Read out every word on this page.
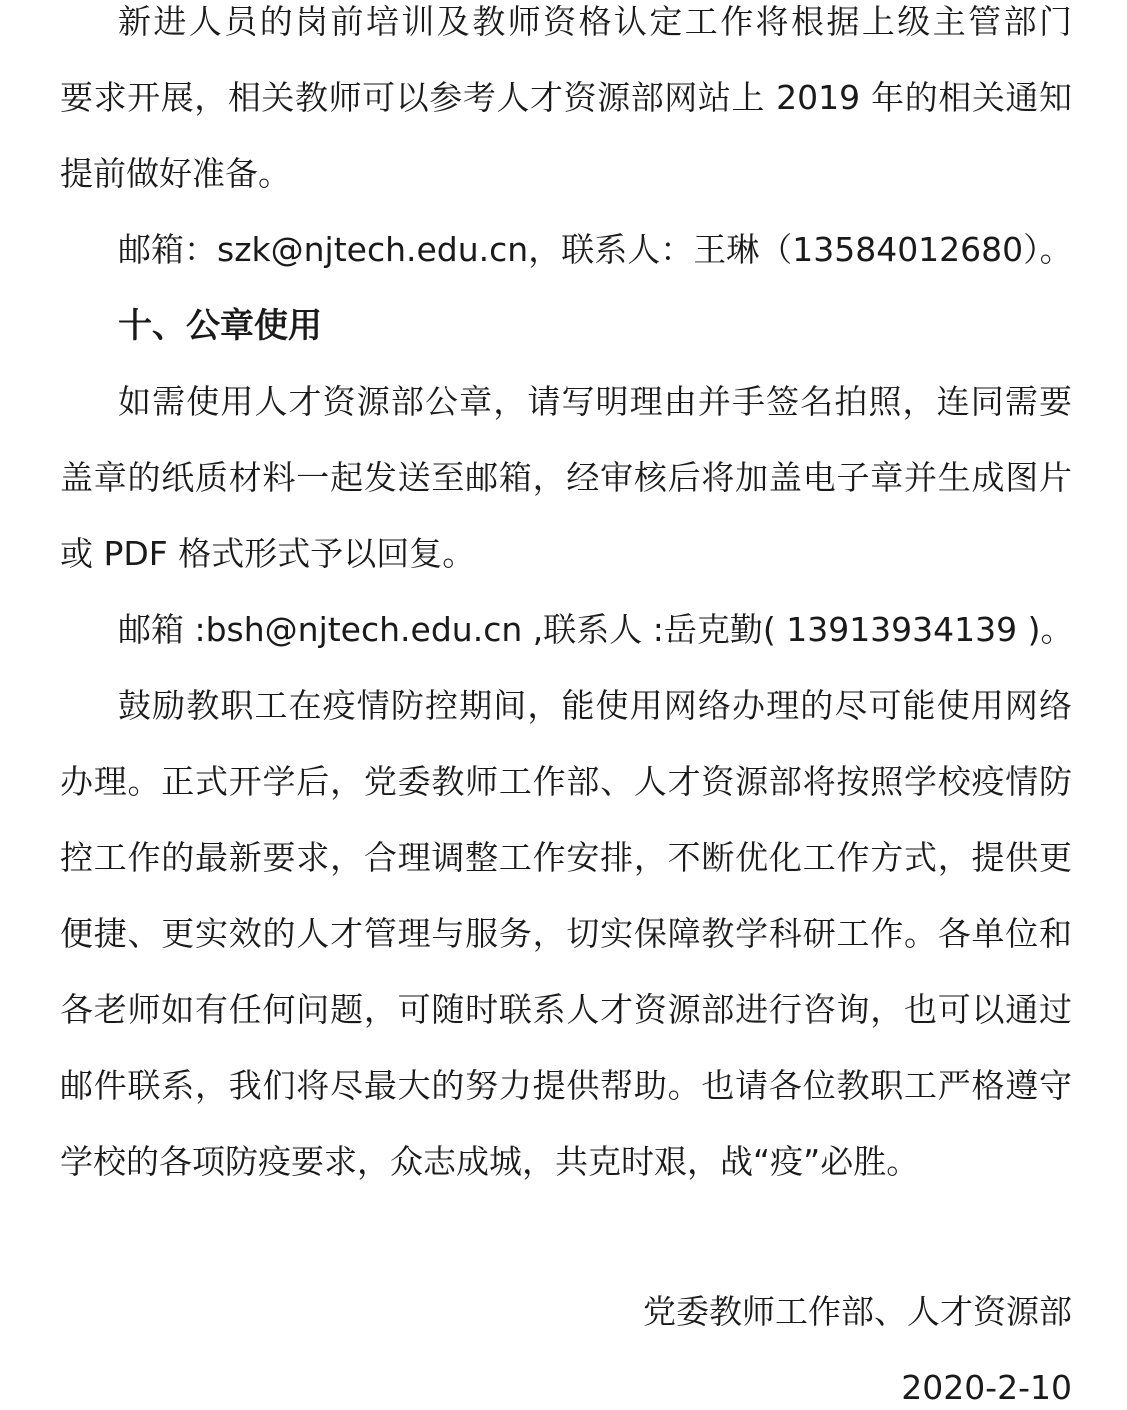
新进人员的岗前培训及教师资格认定工作将根据上级主管部门
要求开展，相关教师可以参考人才资源部网站上 2019 年的相关通知
提前做好准备。
邮箱：szk@njtech.edu.cn，联系人：王琳（13584012680）。
十、公章使用
如需使用人才资源部公章，请写明理由并手签名拍照，连同需要
盖章的纸质材料一起发送至邮箱，经审核后将加盖电子章并生成图片
或 PDF 格式形式予以回复。
邮箱 :bsh@njtech.edu.cn ,联系人 :岳克勤( 13913934139 )。
鼓励教职工在疫情防控期间，能使用网络办理的尽可能使用网络
办理。正式开学后，党委教师工作部、人才资源部将按照学校疫情防
控工作的最新要求，合理调整工作安排，不断优化工作方式，提供更
便捷、更实效的人才管理与服务，切实保障教学科研工作。各单位和
各老师如有任何问题，可随时联系人才资源部进行咨询，也可以通过
邮件联系，我们将尽最大的努力提供帮助。也请各位教职工严格遵守
学校的各项防疫要求，众志成城，共克时艰，战“疫”必胜。
党委教师工作部、人才资源部
2020-2-10
